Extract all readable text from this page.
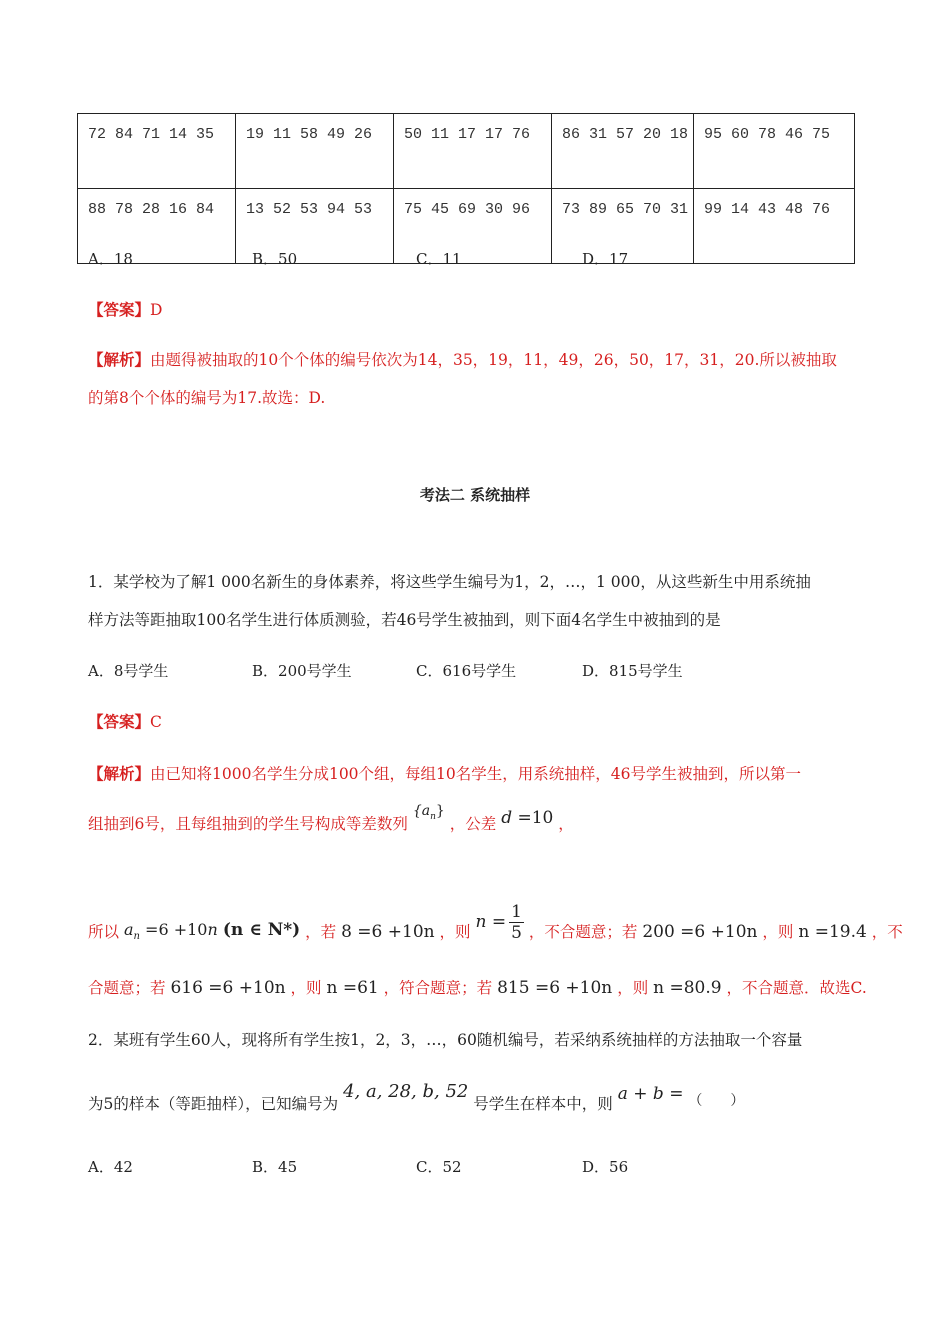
72 84 71 14 35	19 11 58 49 26	50 11 17 17 76	86 31 57 20 18	95 60 78 46 75
88 78 28 16 84	13 52 53 94 53	75 45 69 30 96	73 89 65 70 31	99 14 43 48 76
A．18	B．50	C．11	D．17
【答案】D
【解析】由题得被抽取的10个个体的编号依次为14，35，19，11，49，26，50，17，31，20.所以被抽取
的第8个个体的编号为17.故选：D.
考法二 系统抽样
1．某学校为了解1 000名新生的身体素养，将这些学生编号为1，2，…，1 000，从这些新生中用系统抽
样方法等距抽取100名学生进行体质测验，若46号学生被抽到，则下面4名学生中被抽到的是
A．8号学生	B．200号学生	C．616号学生	D．815号学生
【答案】C
【解析】由已知将1000名学生分成100个组，每组10名学生，用系统抽样，46号学生被抽到，所以第一
组抽到6号，且每组抽到的学生号构成等差数列 $\{a_n\}$ ，公差 d =10 ，
所以 $a_n =6 +10n$ (n ∈ N*) ，若 8 =6 +10n ，则 $n = \frac{1}{5}$ ，不合题意；若 200 =6 +10n ，则 n =19.4 ，不
合题意；若 616 =6 +10n ，则 n =61 ，符合题意；若 815 =6 +10n ，则 n =80.9 ，不合题意．故选C.
2．某班有学生60人，现将所有学生按1，2，3，…，60随机编号，若采纳系统抽样的方法抽取一个容量
为5的样本（等距抽样），已知编号为 4, a, 28, b, 52 号学生在样本中，则 a + b = （　　）
A．42	B．45	C．52	D．56
